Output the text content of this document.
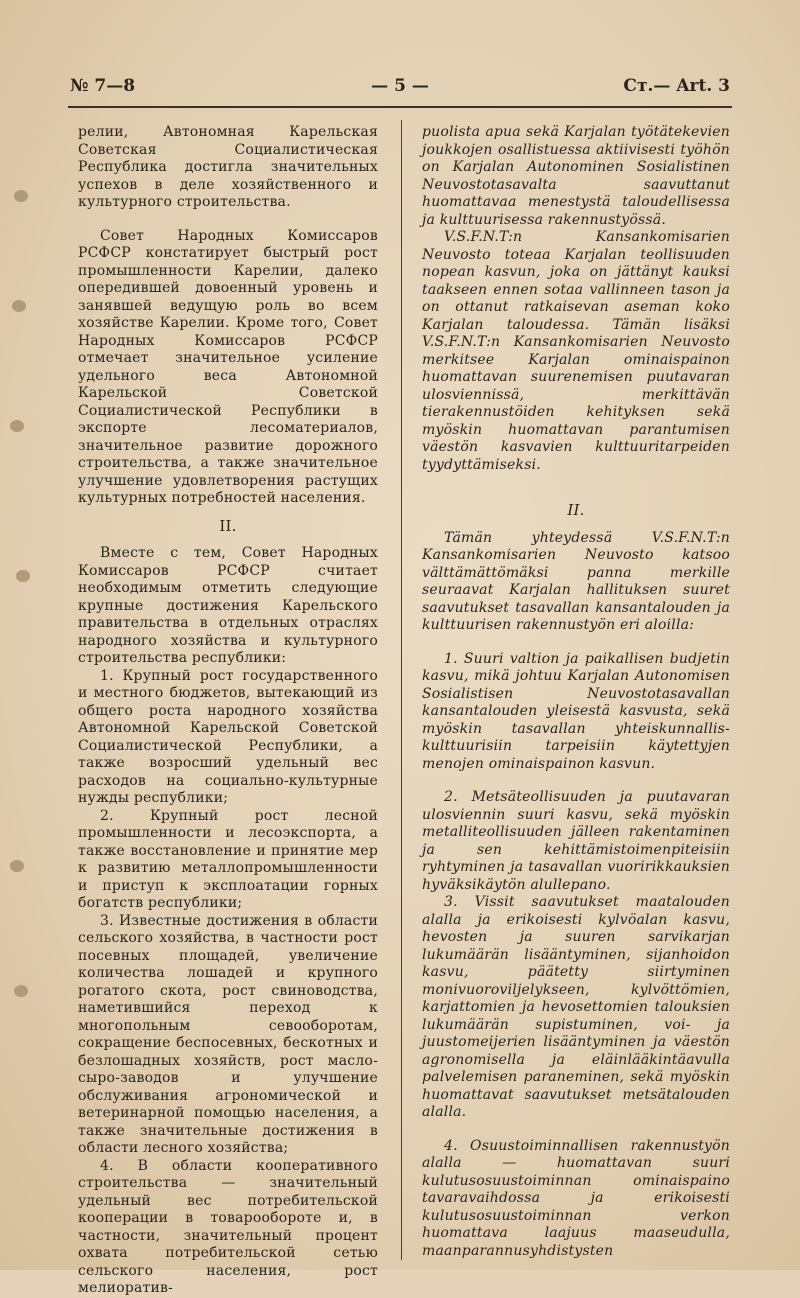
№ 7—8	— 5 —	Ст.— Art. 3

релии, Автономная Карельская Советская Социалистическая Республика достигла значительных успехов в деле хозяйственного и культурного строительства.

Совет Народных Комиссаров РСФСР констатирует быстрый рост промышленности Карелии, далеко опередившей довоенный уровень и занявшей ведущую роль во всем хозяйстве Карелии. Кроме того, Совет Народных Комиссаров РСФСР отмечает значительное усиление удельного веса Автономной Карельской Советской Социалистической Республики в экспорте лесоматериалов, значительное развитие дорожного строительства, а также значительное улучшение удовлетворения растущих культурных потребностей населения.

II.

Вместе с тем, Совет Народных Комиссаров РСФСР считает необходимым отметить следующие крупные достижения Карельского правительства в отдельных отраслях народного хозяйства и культурного строительства республики:

1. Крупный рост государственного и местного бюджетов, вытекающий из общего роста народного хозяйства Автономной Карельской Советской Социалистической Республики, а также возросший удельный вес расходов на социально-культурные нужды республики;

2. Крупный рост лесной промышленности и лесоэкспорта, а также восстановление и принятие мер к развитию металлопромышленности и приступ к эксплоатации горных богатств республики;

3. Известные достижения в области сельского хозяйства, в частности рост посевных площадей, увеличение количества лошадей и крупного рогатого скота, рост свиноводства, наметившийся переход к многопольным севооборотам, сокращение беспосевных, бескотных и безлошадных хозяйств, рост масло-сыро-заводов и улучшение обслуживания агрономической и ветеринарной помощью населения, а также значительные достижения в области лесного хозяйства;

4. В области кооперативного строительства — значительный удельный вес потребительской кооперации в товарообороте и, в частности, значительный процент охвата потребительской сетью сельского населения, рост мелиоратив-

puolista apua sekä Karjalan työtätekevien joukkojen osallistuessa aktiivisesti työhön on Karjalan Autonominen Sosialistinen Neuvostotasavalta saavuttanut huomattavaa menestystä taloudellisessa ja kulttuurisessa rakennustyössä.

V.S.F.N.T:n Kansankomisarien Neuvosto toteaa Karjalan teollisuuden nopean kasvun, joka on jättänyt kauksi taakseen ennen sotaa vallinneen tason ja on ottanut ratkaisevan aseman koko Karjalan taloudessa. Tämän lisäksi V.S.F.N.T:n Kansankomisarien Neuvosto merkitsee Karjalan ominaispainon huomattavan suurenemisen puutavaran ulosviennissä, merkittävän tierakennustöiden kehityksen sekä myöskin huomattavan parantumisen väestön kasvavien kulttuuritarpeiden tyydyttämiseksi.

II.

Tämän yhteydessä V.S.F.N.T:n Kansankomisarien Neuvosto katsoo välttämättömäksi panna merkille seuraavat Karjalan hallituksen suuret saavutukset tasavallan kansantalouden ja kulttuurisen rakennustyön eri aloilla:

1. Suuri valtion ja paikallisen budjetin kasvu, mikä johtuu Karjalan Autonomisen Sosialistisen Neuvostotasavallan kansantalouden yleisestä kasvusta, sekä myöskin tasavallan yhteiskunnallis-kulttuurisiin tarpeisiin käytettyjen menojen ominaispainon kasvun.

2. Metsäteollisuuden ja puutavaran ulosviennin suuri kasvu, sekä myöskin metalliteollisuuden jälleen rakentaminen ja sen kehittämistoimenpiteisiin ryhtyminen ja tasavallan vuoririkkauksien hyväksikäytön alullepano.

3. Vissit saavutukset maatalouden alalla ja erikoisesti kylvöalan kasvu, hevosten ja suuren sarvikarjan lukumäärän lisääntyminen, sijanhoidon kasvu, päätetty siirtyminen monivuoroviljelykseen, kylvöttömien, karjattomien ja hevosettomien talouksien lukumäärän supistuminen, voi- ja juustomeijerien lisääntyminen ja väestön agronomisella ja eläinlääkintäavulla palvelemisen paraneminen, sekä myöskin huomattavat saavutukset metsätalouden alalla.

4. Osuustoiminnallisen rakennustyön alalla — huomattavan suuri kulutusosuustoiminnan ominaispaino tavaravaihdossa ja erikoisesti kulutusosuustoiminnan verkon huomattava laajuus maaseudulla, maanparannusyhdistysten
